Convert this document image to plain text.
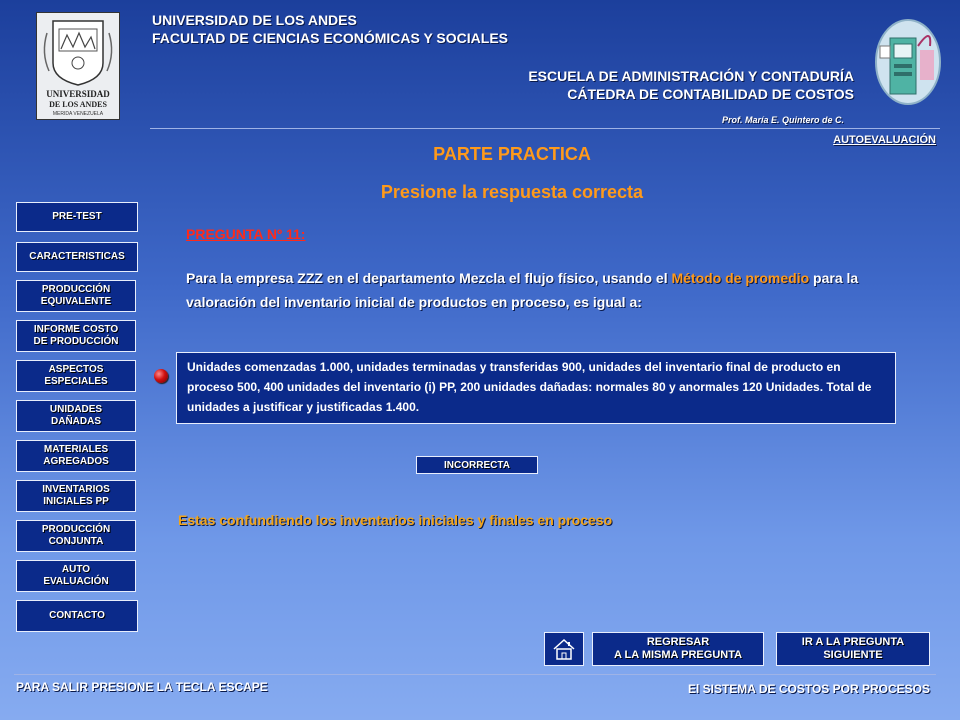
UNIVERSIDAD
DE LOS ANDES
MERIDA VENEZUELA
UNIVERSIDAD DE LOS ANDES
FACULTAD DE CIENCIAS ECONÓMICAS Y SOCIALES
ESCUELA DE ADMINISTRACIÓN Y CONTADURÍA
CÁTEDRA DE CONTABILIDAD DE COSTOS
Prof. María E. Quintero de C.
AUTOEVALUACIÓN
PARTE PRACTICA
Presione la respuesta correcta
PRE-TEST
CARACTERISTICAS
PRODUCCIÓN EQUIVALENTE
INFORME COSTO DE PRODUCCIÓN
ASPECTOS ESPECIALES
UNIDADES DAÑADAS
MATERIALES AGREGADOS
INVENTARIOS INICIALES PP
PRODUCCIÓN CONJUNTA
AUTO EVALUACIÓN
CONTACTO
PREGUNTA Nº 11:
Para la empresa ZZZ en el departamento Mezcla el flujo físico, usando el Método de promedio para la valoración del inventario inicial de productos en proceso, es igual a:
Unidades comenzadas 1.000, unidades terminadas y transferidas 900, unidades del inventario final de producto en proceso 500, 400 unidades del inventario (i) PP, 200 unidades dañadas: normales 80 y anormales 120 Unidades. Total de unidades a justificar y justificadas 1.400.
INCORRECTA
Estas confundiendo los inventarios iniciales y finales en proceso
REGRESAR
A LA MISMA PREGUNTA
IR A LA PREGUNTA
SIGUIENTE
PARA SALIR PRESIONE LA TECLA ESCAPE	El SISTEMA DE COSTOS POR PROCESOS
